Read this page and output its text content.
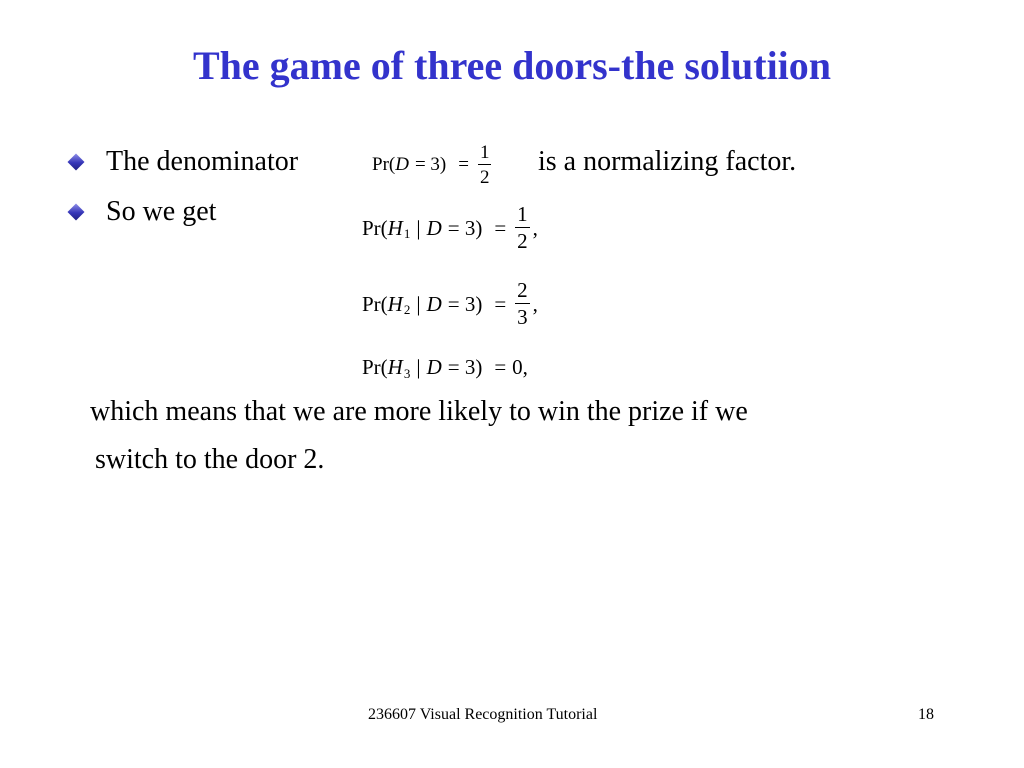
The game of three doors-the solutiion
The denominator	Pr( $D = 3) = \frac{1}{2}$ is a normalizing factor.
So we get
Pr( H 1 | $D = 3) = \frac{1}{2}$ ,
Pr( H 2 | $D = 3) = \frac{2}{3}$ ,
Pr( H 3 | D = 3) = 0,
which means that we are more likely to win the prize if we
switch to the door 2.
236607 Visual Recognition Tutorial	18
